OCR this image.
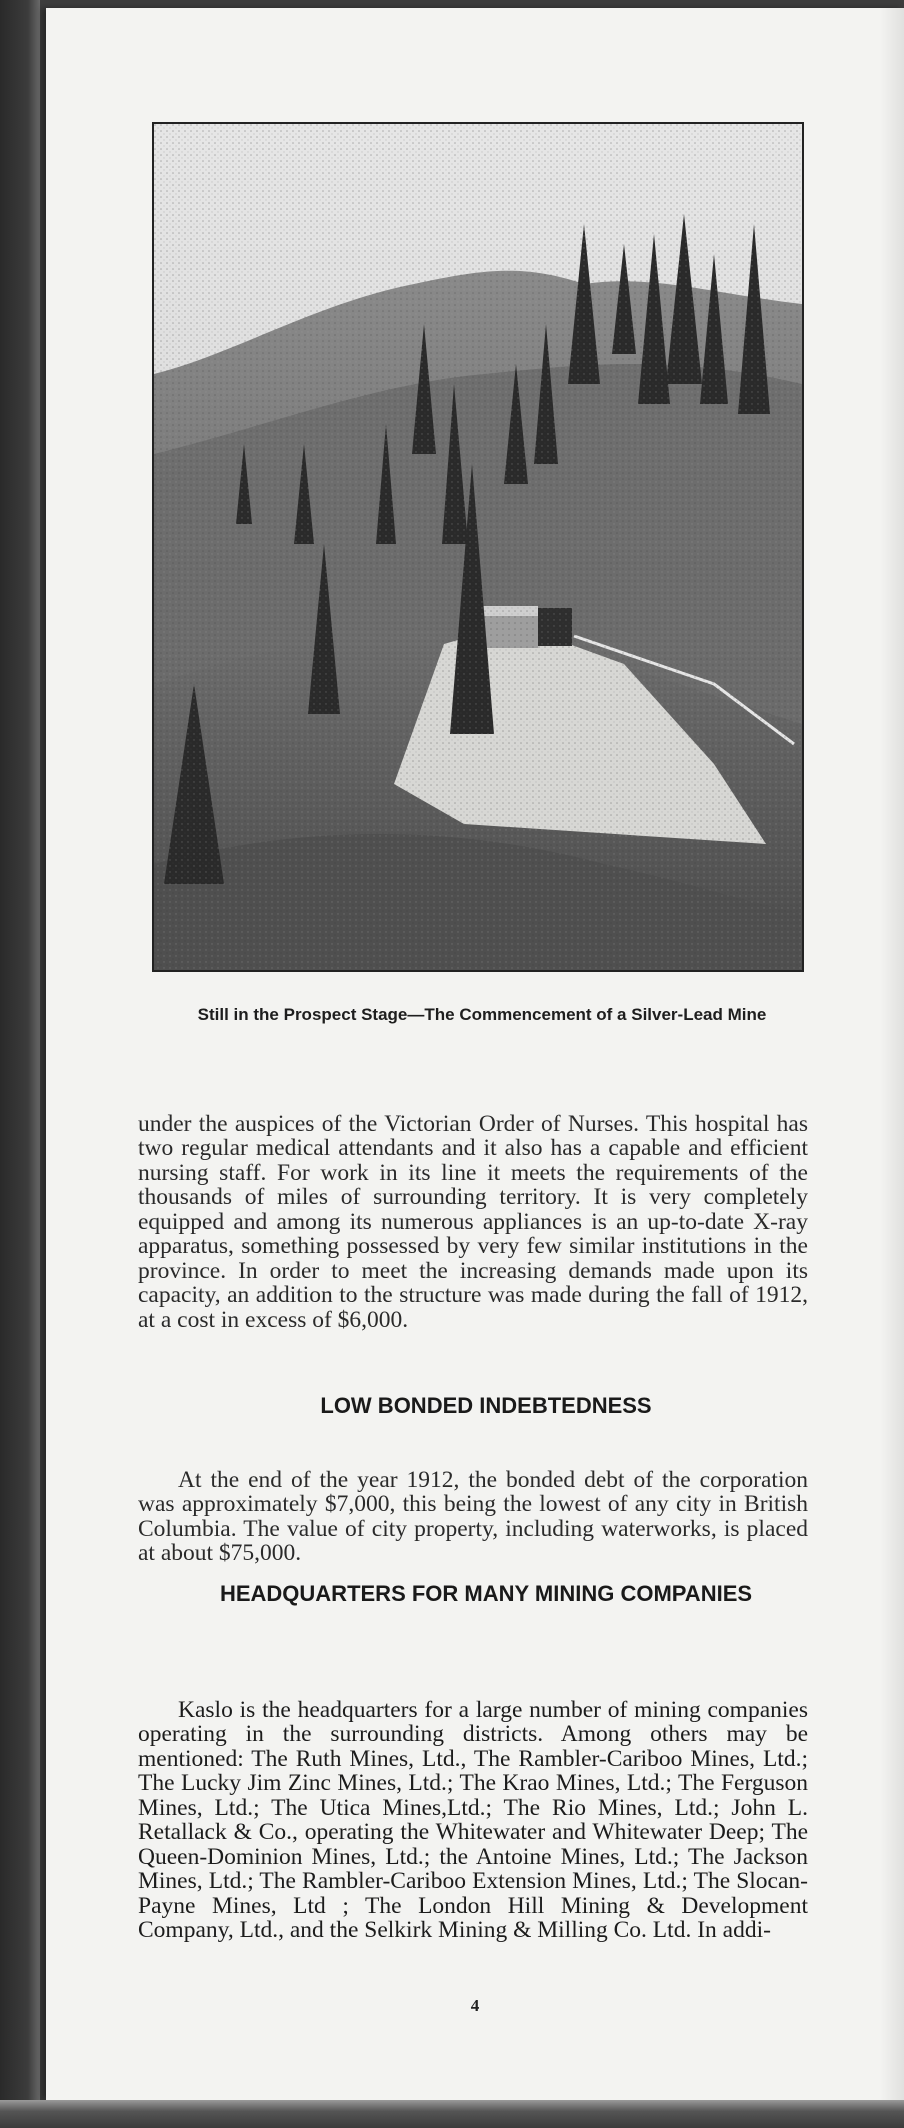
Still in the Prospect Stage—The Commencement of a Silver-Lead Mine

under the auspices of the Victorian Order of Nurses. This hospital has two regular medical attendants and it also has a capable and efficient nursing staff. For work in its line it meets the requirements of the thousands of miles of surrounding territory. It is very completely equipped and among its numerous appliances is an up-to-date X-ray apparatus, something possessed by very few similar institutions in the province. In order to meet the increasing demands made upon its capacity, an addition to the structure was made during the fall of 1912, at a cost in excess of $6,000.

LOW BONDED INDEBTEDNESS

At the end of the year 1912, the bonded debt of the corporation was approximately $7,000, this being the lowest of any city in British Columbia. The value of city property, including waterworks, is placed at about $75,000.

HEADQUARTERS FOR MANY MINING COMPANIES

Kaslo is the headquarters for a large number of mining companies operating in the surrounding districts. Among others may be mentioned: The Ruth Mines, Ltd., The Rambler-Cariboo Mines, Ltd.; The Lucky Jim Zinc Mines, Ltd.; The Krao Mines, Ltd.; The Ferguson Mines, Ltd.; The Utica Mines,Ltd.; The Rio Mines, Ltd.; John L. Retallack & Co., operating the Whitewater and Whitewater Deep; The Queen-Dominion Mines, Ltd.; the Antoine Mines, Ltd.; The Jackson Mines, Ltd.; The Rambler-Cariboo Extension Mines, Ltd.; The Slocan-Payne Mines, Ltd ; The London Hill Mining & Development Company, Ltd., and the Selkirk Mining & Milling Co. Ltd. In addi-

4
